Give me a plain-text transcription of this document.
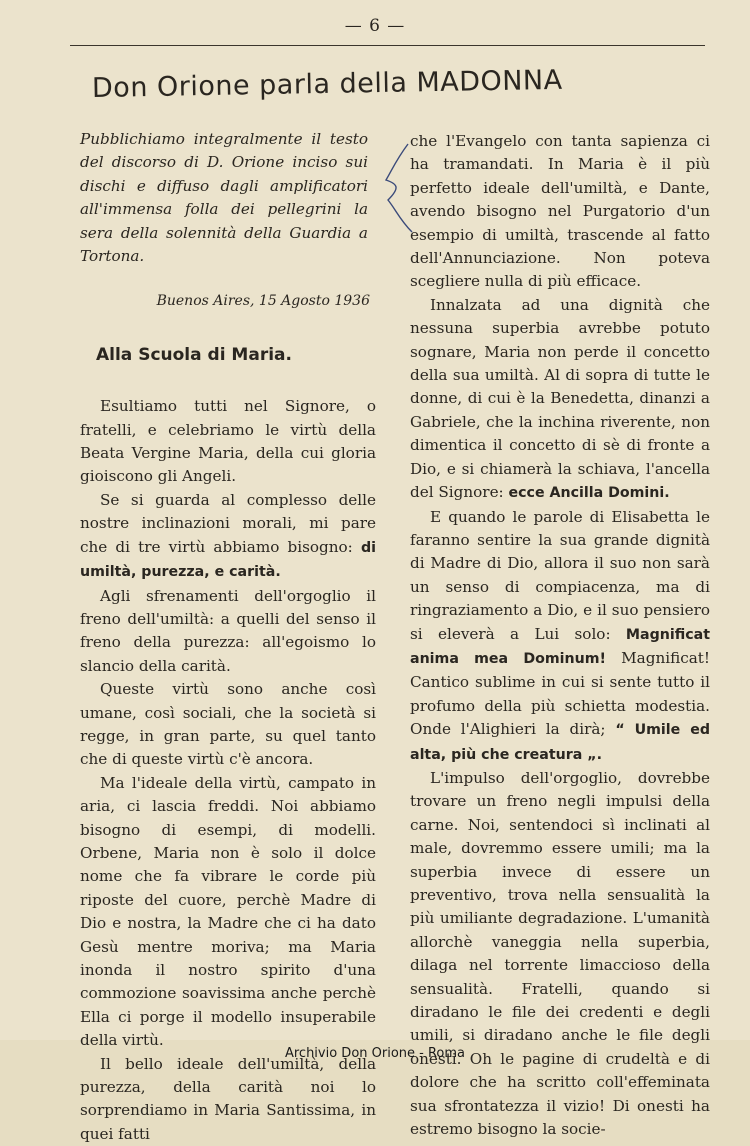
— 6 —
Don Orione parla della MADONNA

Pubblichiamo integralmente il testo del discorso di D. Orione inciso sui dischi e diffuso dagli amplificatori all'immensa folla dei pellegrini la sera della solennità della Guardia a Tortona.

Buenos Aires, 15 Agosto 1936

Alla Scuola di Maria.

Esultiamo tutti nel Signore, o fratelli, e celebriamo le virtù della Beata Vergine Maria, della cui gloria gioiscono gli Angeli.

Se si guarda al complesso delle nostre inclinazioni morali, mi pare che di tre virtù abbiamo bisogno: di umiltà, purezza, e carità.

Agli sfrenamenti dell'orgoglio il freno dell'umiltà: a quelli del senso il freno della purezza: all'egoismo lo slancio della carità.

Queste virtù sono anche così umane, così sociali, che la società si regge, in gran parte, su quel tanto che di queste virtù c'è ancora.

Ma l'ideale della virtù, campato in aria, ci lascia freddi. Noi abbiamo bisogno di esempi, di modelli. Orbene, Maria non è solo il dolce nome che fa vibrare le corde più riposte del cuore, perchè Madre di Dio e nostra, la Madre che ci ha dato Gesù mentre moriva; ma Maria inonda il nostro spirito d'una commozione soavissima anche perchè Ella ci porge il modello insuperabile della virtù.

Il bello ideale dell'umiltà, della purezza, della carità noi lo sorprendiamo in Maria Santissima, in quei fatti

che l'Evangelo con tanta sapienza ci ha tramandati. In Maria è il più perfetto ideale dell'umiltà, e Dante, avendo bisogno nel Purgatorio d'un esempio di umiltà, trascende al fatto dell'Annunciazione. Non poteva scegliere nulla di più efficace.

Innalzata ad una dignità che nessuna superbia avrebbe potuto sognare, Maria non perde il concetto della sua umiltà. Al di sopra di tutte le donne, di cui è la Benedetta, dinanzi a Gabriele, che la inchina riverente, non dimentica il concetto di sè di fronte a Dio, e si chiamerà la schiava, l'ancella del Signore: ecce Ancilla Domini.

E quando le parole di Elisabetta le faranno sentire la sua grande dignità di Madre di Dio, allora il suo non sarà un senso di compiacenza, ma di ringraziamento a Dio, e il suo pensiero si eleverà a Lui solo: Magnificat anima mea Dominum! Magnificat! Cantico sublime in cui si sente tutto il profumo della più schietta modestia. Onde l'Alighieri la dirà; “ Umile ed alta, più che creatura „.

L'impulso dell'orgoglio, dovrebbe trovare un freno negli impulsi della carne. Noi, sentendoci sì inclinati al male, dovremmo essere umili; ma la superbia invece di essere un preventivo, trova nella sensualità la più umiliante degradazione. L'umanità allorchè vaneggia nella superbia, dilaga nel torrente limaccioso della sensualità. Fratelli, quando si diradano le file dei credenti e degli umili, si diradano anche le file degli onesti. Oh le pagine di crudeltà e di dolore che ha scritto coll'effeminata sua sfrontatezza il vizio! Di onesti ha estremo bisogno la socie-

Archivio Don Orione - Roma
